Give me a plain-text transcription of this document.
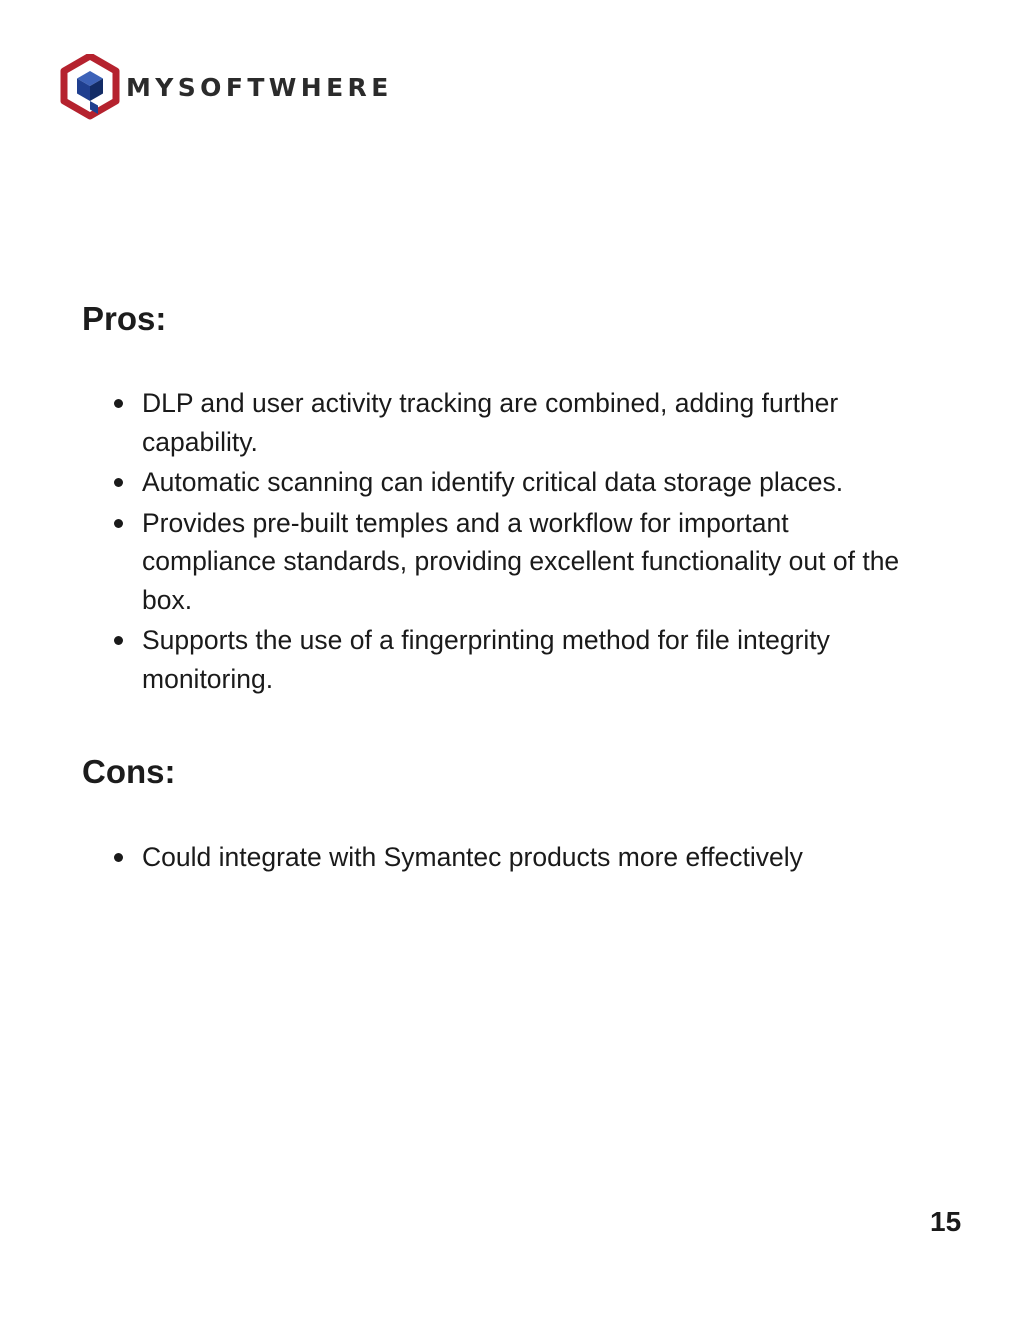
MYSOFTWHERE
Pros:
DLP and user activity tracking are combined, adding further capability.
Automatic scanning can identify critical data storage places.
Provides pre-built temples and a workflow for important compliance standards, providing excellent functionality out of the box.
Supports the use of a fingerprinting method for file integrity monitoring.
Cons:
Could integrate with Symantec products more effectively
15
